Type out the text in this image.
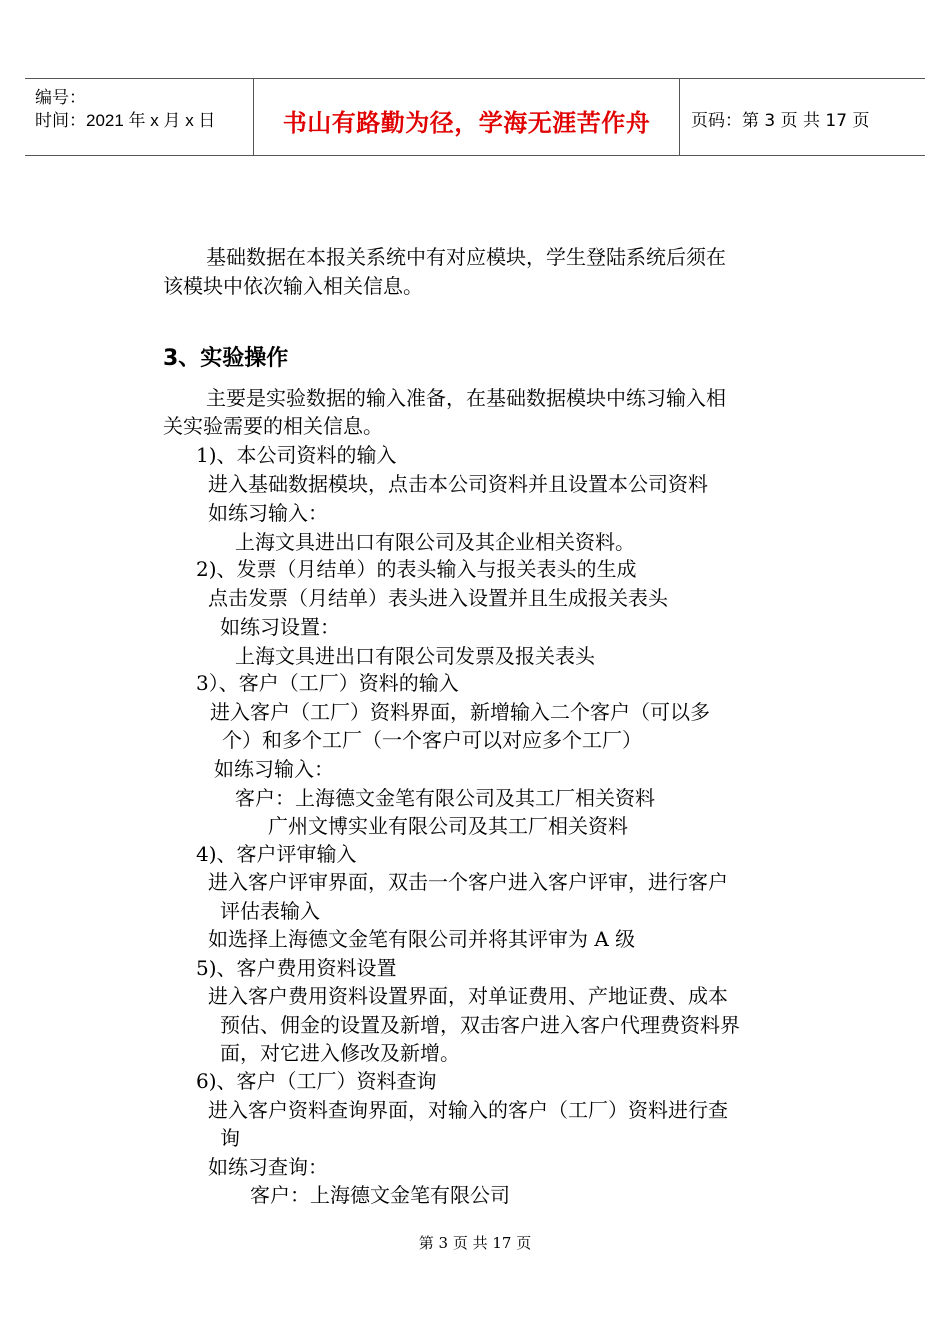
编号：
时间：2021 年 x 月 x 日	书山有路勤为径，学海无涯苦作舟	页码：第 3 页 共 17 页
基础数据在本报关系统中有对应模块，学生登陆系统后须在
该模块中依次输入相关信息。
3、实验操作
主要是实验数据的输入准备，在基础数据模块中练习输入相
关实验需要的相关信息。
1)、本公司资料的输入
进入基础数据模块，点击本公司资料并且设置本公司资料
如练习输入：
上海文具进出口有限公司及其企业相关资料。
2)、发票（月结单）的表头输入与报关表头的生成
点击发票（月结单）表头进入设置并且生成报关表头
如练习设置：
上海文具进出口有限公司发票及报关表头
3）、客户（工厂）资料的输入
进入客户（工厂）资料界面，新增输入二个客户（可以多
个）和多个工厂（一个客户可以对应多个工厂）
如练习输入：
客户：上海德文金笔有限公司及其工厂相关资料
广州文博实业有限公司及其工厂相关资料
4)、客户评审输入
进入客户评审界面，双击一个客户进入客户评审，进行客户
评估表输入
如选择上海德文金笔有限公司并将其评审为 A 级
5)、客户费用资料设置
进入客户费用资料设置界面，对单证费用、产地证费、成本
预估、佣金的设置及新增，双击客户进入客户代理费资料界
面，对它进入修改及新增。
6)、客户（工厂）资料查询
进入客户资料查询界面，对输入的客户（工厂）资料进行查
询
如练习查询：
客户：上海德文金笔有限公司
第 3 页 共 17 页
